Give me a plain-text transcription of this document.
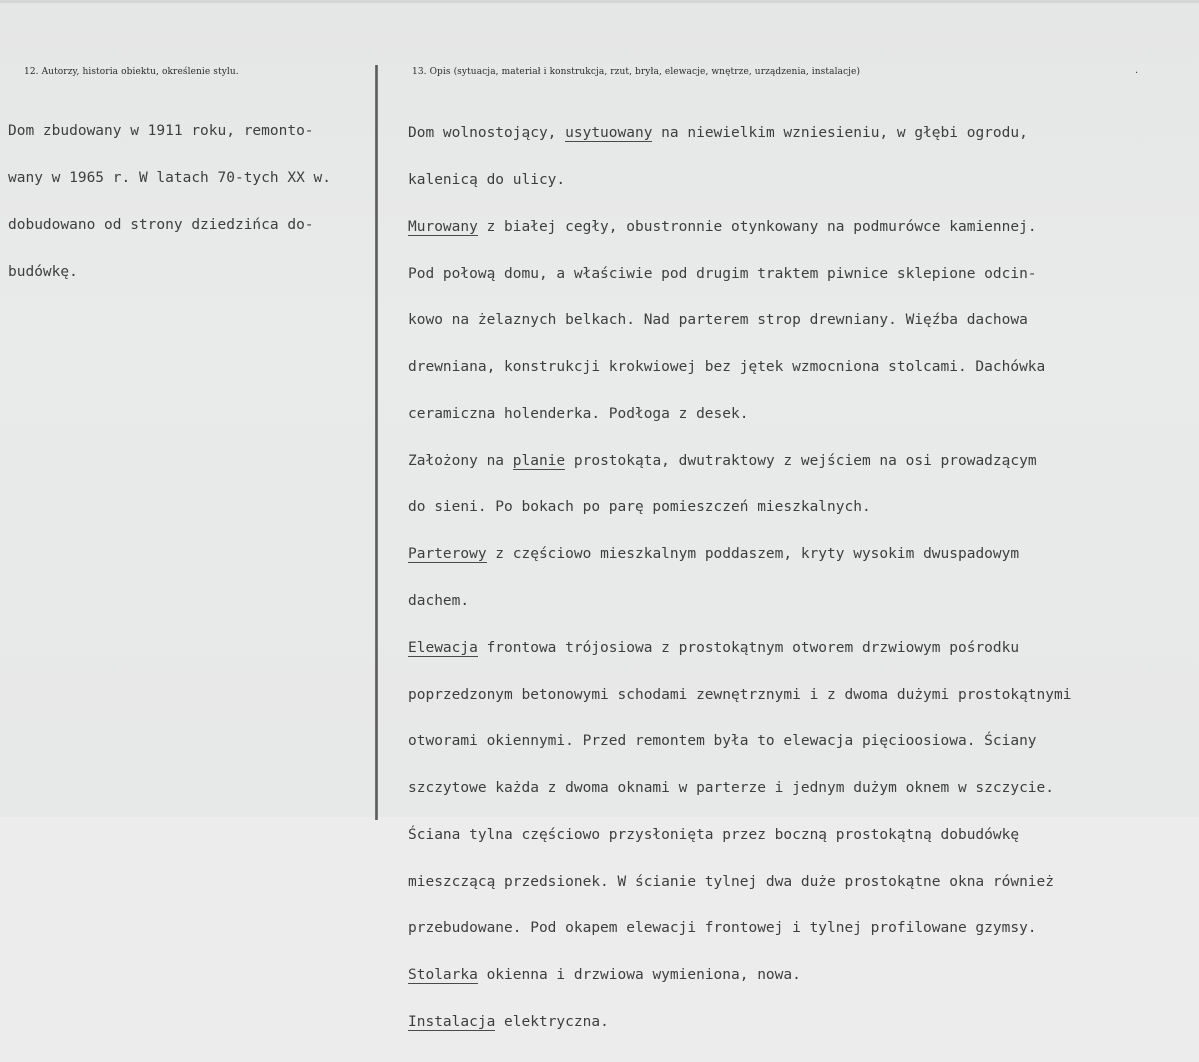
12. Autorzy, historia obiektu, określenie stylu.	13. Opis (sytuacja, materiał i konstrukcja, rzut, bryła, elewacje, wnętrze, urządzenia, instalacje)	.

Dom zbudowany w 1911 roku, remonto-

wany w 1965 r. W latach 70-tych XX w.

dobudowano od strony dziedzińca do-

budówkę.

Dom wolnostojący, usytuowany na niewielkim wzniesieniu, w głębi ogrodu,

kalenicą do ulicy.

Murowany z białej cegły, obustronnie otynkowany na podmurówce kamiennej.

Pod połową domu, a właściwie pod drugim traktem piwnice sklepione odcin-

kowo na żelaznych belkach. Nad parterem strop drewniany. Więźba dachowa

drewniana, konstrukcji krokwiowej bez jętek wzmocniona stolcami. Dachówka

ceramiczna holenderka. Podłoga z desek.

Założony na planie prostokąta, dwutraktowy z wejściem na osi prowadzącym

do sieni. Po bokach po parę pomieszczeń mieszkalnych.

Parterowy z częściowo mieszkalnym poddaszem, kryty wysokim dwuspadowym

dachem.

Elewacja frontowa trójosiowa z prostokątnym otworem drzwiowym pośrodku

poprzedzonym betonowymi schodami zewnętrznymi i z dwoma dużymi prostokątnymi

otworami okiennymi. Przed remontem była to elewacja pięcioosiowa. Ściany

szczytowe każda z dwoma oknami w parterze i jednym dużym oknem w szczycie.

Ściana tylna częściowo przysłonięta przez boczną prostokątną dobudówkę

mieszczącą przedsionek. W ścianie tylnej dwa duże prostokątne okna również

przebudowane. Pod okapem elewacji frontowej i tylnej profilowane gzymsy.

Stolarka okienna i drzwiowa wymieniona, nowa.

Instalacja elektryczna.
